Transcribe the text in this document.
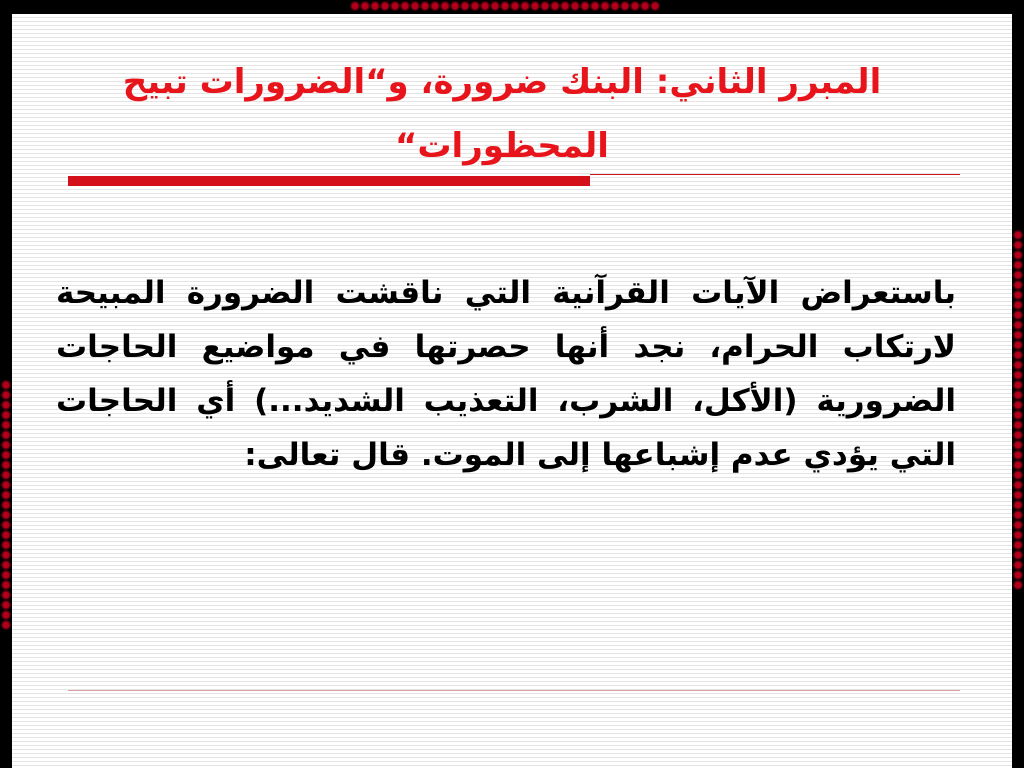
المبرر الثاني: البنك ضرورة، و“الضرورات تبيح المحظورات“
باستعراض الآيات القرآنية التي ناقشت الضرورة المبيحة لارتكاب الحرام، نجد أنها حصرتها في مواضيع الحاجات الضرورية (الأكل، الشرب، التعذيب الشديد...) أي الحاجات التي يؤدي عدم إشباعها إلى الموت. قال تعالى:
